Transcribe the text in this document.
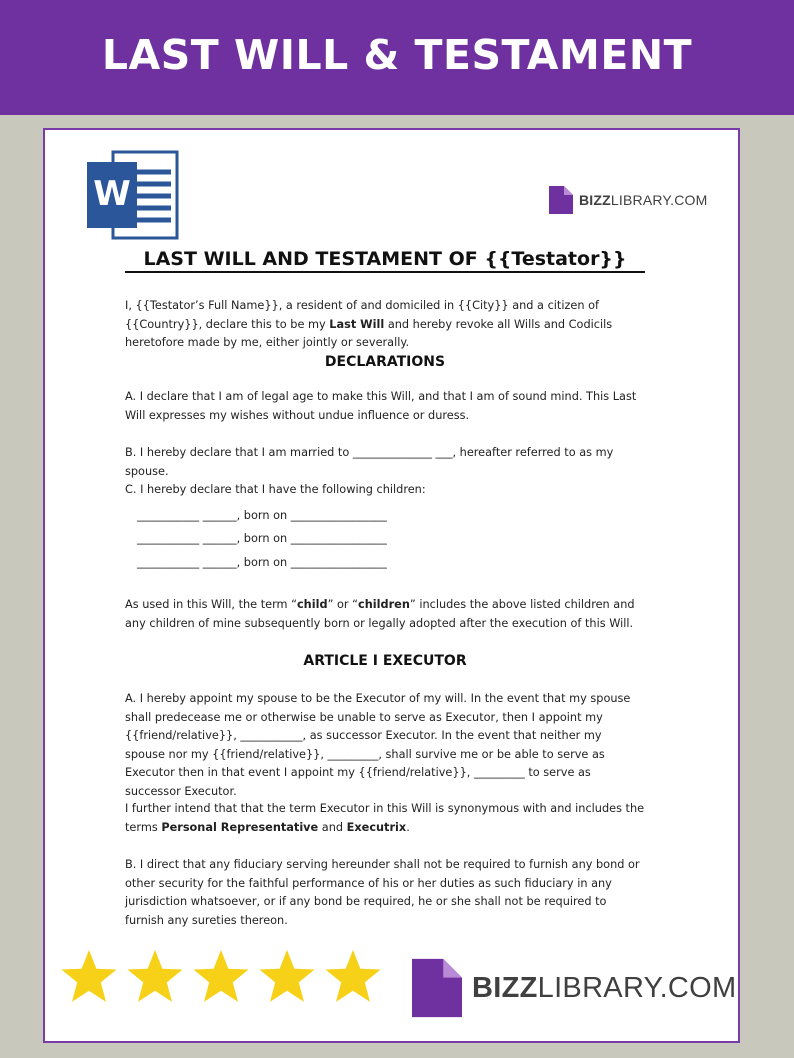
LAST WILL & TESTAMENT
W	BIZZLIBRARY.COM
LAST WILL AND TESTAMENT OF {{Testator}}

I, {{Testator’s Full Name}}, a resident of and domiciled in {{City}} and a citizen of {{Country}}, declare this to be my Last Will and hereby revoke all Wills and Codicils heretofore made by me, either jointly or severally.

DECLARATIONS

A. I declare that I am of legal age to make this Will, and that I am of sound mind. This Last Will expresses my wishes without undue influence or duress.

B. I hereby declare that I am married to ______________ ___, hereafter referred to as my spouse.

C. I hereby declare that I have the following children:

___________ ______, born on _________________
___________ ______, born on _________________
___________ ______, born on _________________

As used in this Will, the term “child” or “children” includes the above listed children and any children of mine subsequently born or legally adopted after the execution of this Will.

ARTICLE I EXECUTOR

A. I hereby appoint my spouse to be the Executor of my will. In the event that my spouse shall predecease me or otherwise be unable to serve as Executor, then I appoint my {{friend/relative}}, ___________, as successor Executor. In the event that neither my spouse nor my {{friend/relative}}, _________, shall survive me or be able to serve as Executor then in that event I appoint my {{friend/relative}}, _________ to serve as successor Executor.

I further intend that that the term Executor in this Will is synonymous with and includes the terms Personal Representative and Executrix.

B. I direct that any fiduciary serving hereunder shall not be required to furnish any bond or other security for the faithful performance of his or her duties as such fiduciary in any jurisdiction whatsoever, or if any bond be required, he or she shall not be required to furnish any sureties thereon.

BIZZLIBRARY.COM
